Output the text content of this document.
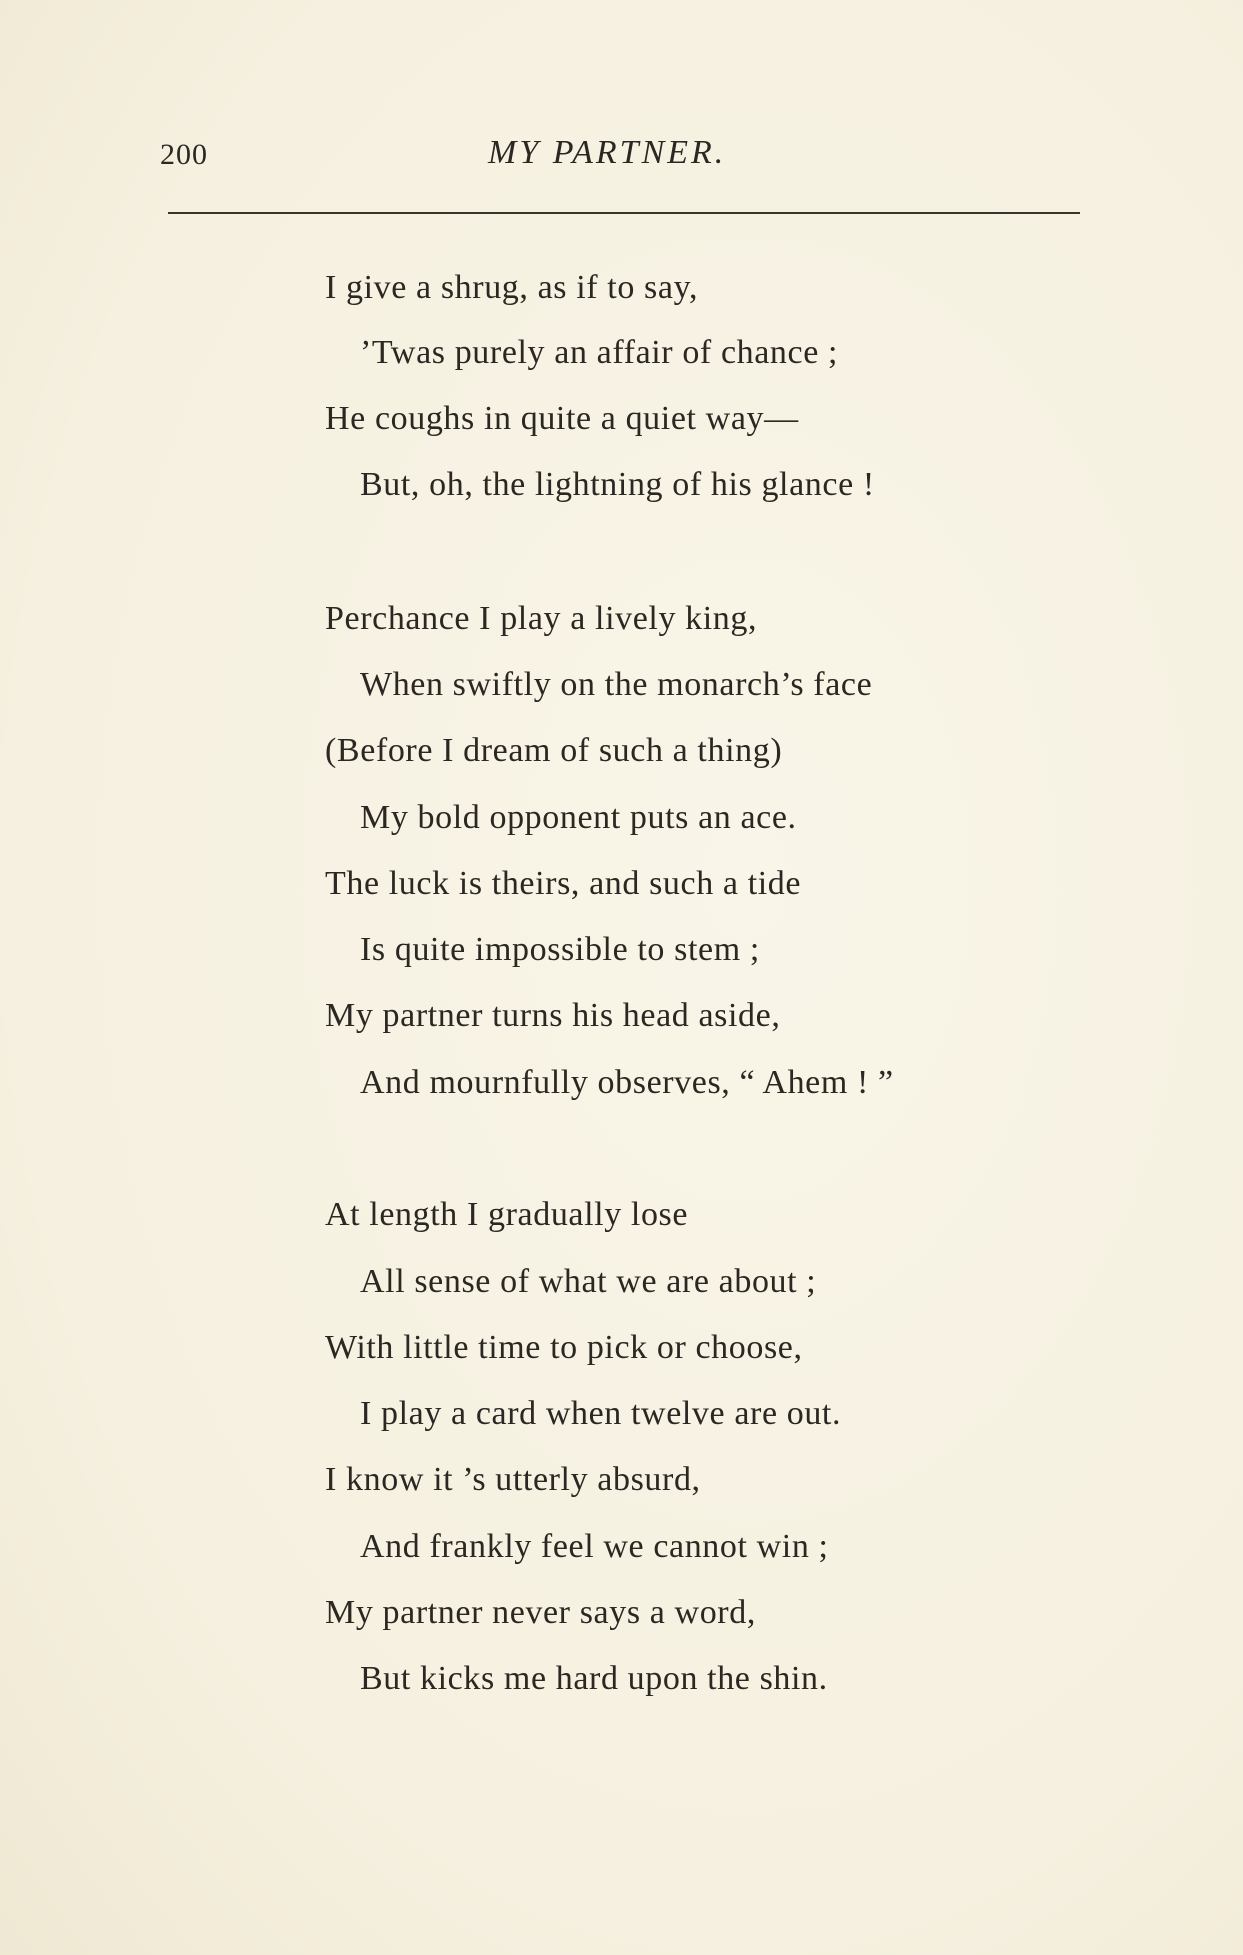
200	MY PARTNER.
I give a shrug, as if to say,
’Twas purely an affair of chance ;
He coughs in quite a quiet way—
But, oh, the lightning of his glance !
Perchance I play a lively king,
When swiftly on the monarch’s face
(Before I dream of such a thing)
My bold opponent puts an ace.
The luck is theirs, and such a tide
Is quite impossible to stem ;
My partner turns his head aside,
And mournfully observes, “ Ahem ! ”
At length I gradually lose
All sense of what we are about ;
With little time to pick or choose,
I play a card when twelve are out.
I know it ’s utterly absurd,
And frankly feel we cannot win ;
My partner never says a word,
But kicks me hard upon the shin.
